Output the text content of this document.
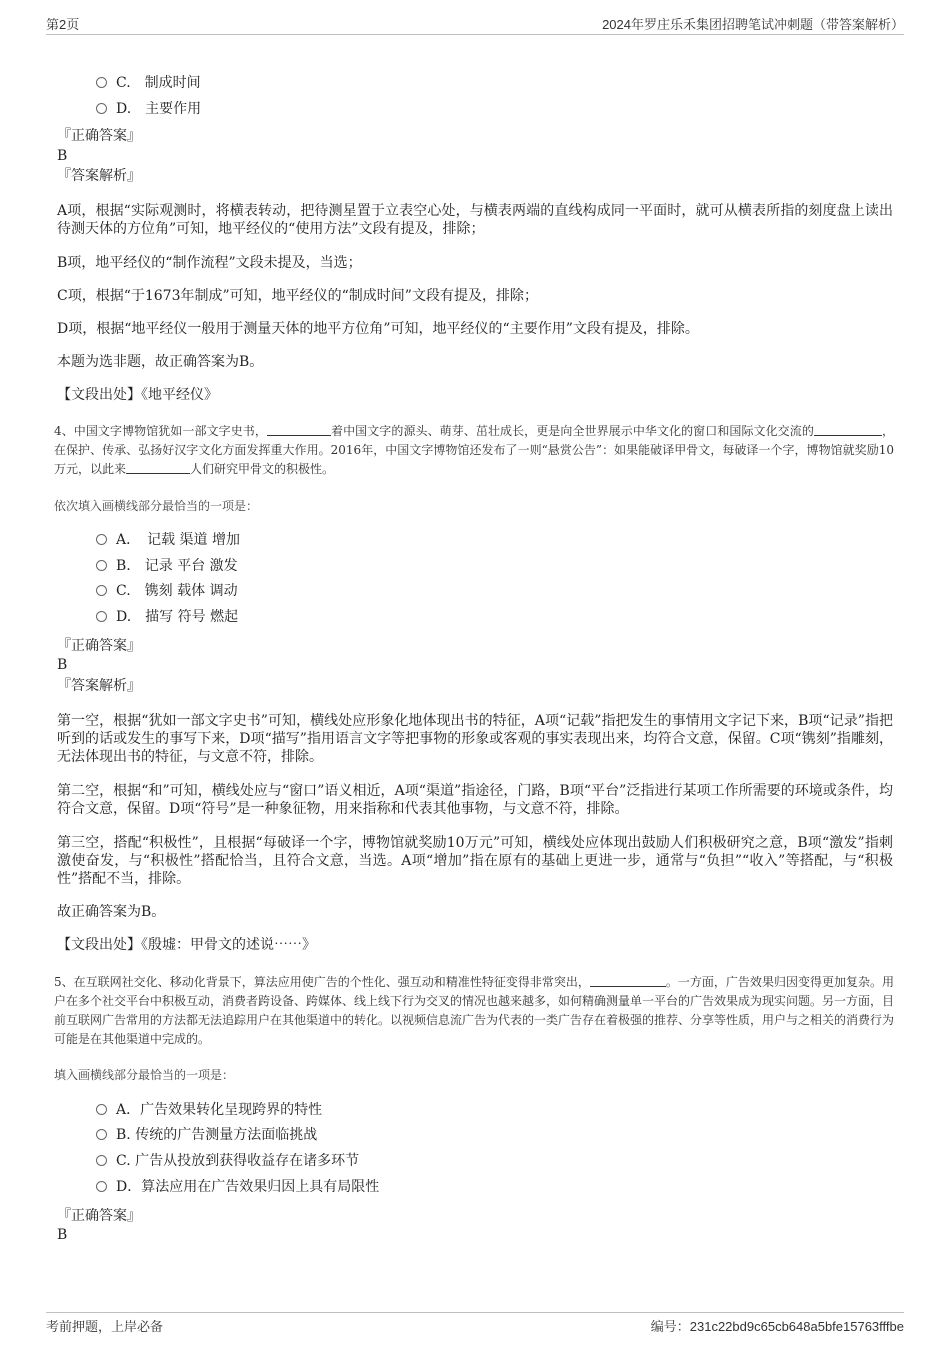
第2页	2024年罗庄乐禾集团招聘笔试冲刺题（带答案解析）
C.　制成时间
D.　主要作用
『正确答案』
B
『答案解析』
A项，根据“实际观测时，将横表转动，把待测星置于立表空心处，与横表两端的直线构成同一平面时，就可从横表所指的刻度盘上读出待测天体的方位角”可知，地平经仪的“使用方法”文段有提及，排除；
B项，地平经仪的“制作流程”文段未提及，当选；
C项，根据“于1673年制成”可知，地平经仪的“制成时间”文段有提及，排除；
D项，根据“地平经仪一般用于测量天体的地平方位角”可知，地平经仪的“主要作用”文段有提及，排除。
本题为选非题，故正确答案为B。
【文段出处】《地平经仪》
4、中国文字博物馆犹如一部文字史书，	着中国文字的源头、萌芽、茁壮成长，更是向全世界展示中华文化的窗口和国际文化交流的	，在保护、传承、弘扬好汉字文化方面发挥重大作用。2016年，中国文字博物馆还发布了一则“悬赏公告”：如果能破译甲骨文，每破译一个字，博物馆就奖励10万元，以此来	人们研究甲骨文的积极性。
依次填入画横线部分最恰当的一项是：
A．　记载 渠道 增加
B.　记录 平台 激发
C.　镌刻 载体 调动
D.　描写 符号 燃起
『正确答案』
B
『答案解析』
第一空，根据“犹如一部文字史书”可知，横线处应形象化地体现出书的特征，A项“记载”指把发生的事情用文字记下来，B项“记录”指把听到的话或发生的事写下来，D项“描写”指用语言文字等把事物的形象或客观的事实表现出来，均符合文意，保留。C项“镌刻”指雕刻，无法体现出书的特征，与文意不符，排除。
第二空，根据“和”可知，横线处应与“窗口”语义相近，A项“渠道”指途径，门路，B项“平台”泛指进行某项工作所需要的环境或条件，均符合文意，保留。D项“符号”是一种象征物，用来指称和代表其他事物，与文意不符，排除。
第三空，搭配“积极性”，且根据“每破译一个字，博物馆就奖励10万元”可知，横线处应体现出鼓励人们积极研究之意，B项“激发”指刺激使奋发，与“积极性”搭配恰当，且符合文意，当选。A项“增加”指在原有的基础上更进一步，通常与“负担”“收入”等搭配，与“积极性”搭配不当，排除。
故正确答案为B。
【文段出处】《殷墟：甲骨文的述说⋯⋯》
5、在互联网社交化、移动化背景下，算法应用使广告的个性化、强互动和精准性特征变得非常突出，	。一方面，广告效果归因变得更加复杂。用户在多个社交平台中积极互动，消费者跨设备、跨媒体、线上线下行为交叉的情况也越来越多，如何精确测量单一平台的广告效果成为现实问题。另一方面，目前互联网广告常用的方法都无法追踪用户在其他渠道中的转化。以视频信息流广告为代表的一类广告存在着极强的推荐、分享等性质，用户与之相关的消费行为可能是在其他渠道中完成的。
填入画横线部分最恰当的一项是：
A．广告效果转化呈现跨界的特性
B. 传统的广告测量方法面临挑战
C. 广告从投放到获得收益存在诸多环节
D．算法应用在广告效果归因上具有局限性
『正确答案』
B
考前押题，上岸必备	编号：231c22bd9c65cb648a5bfe15763fffbe
